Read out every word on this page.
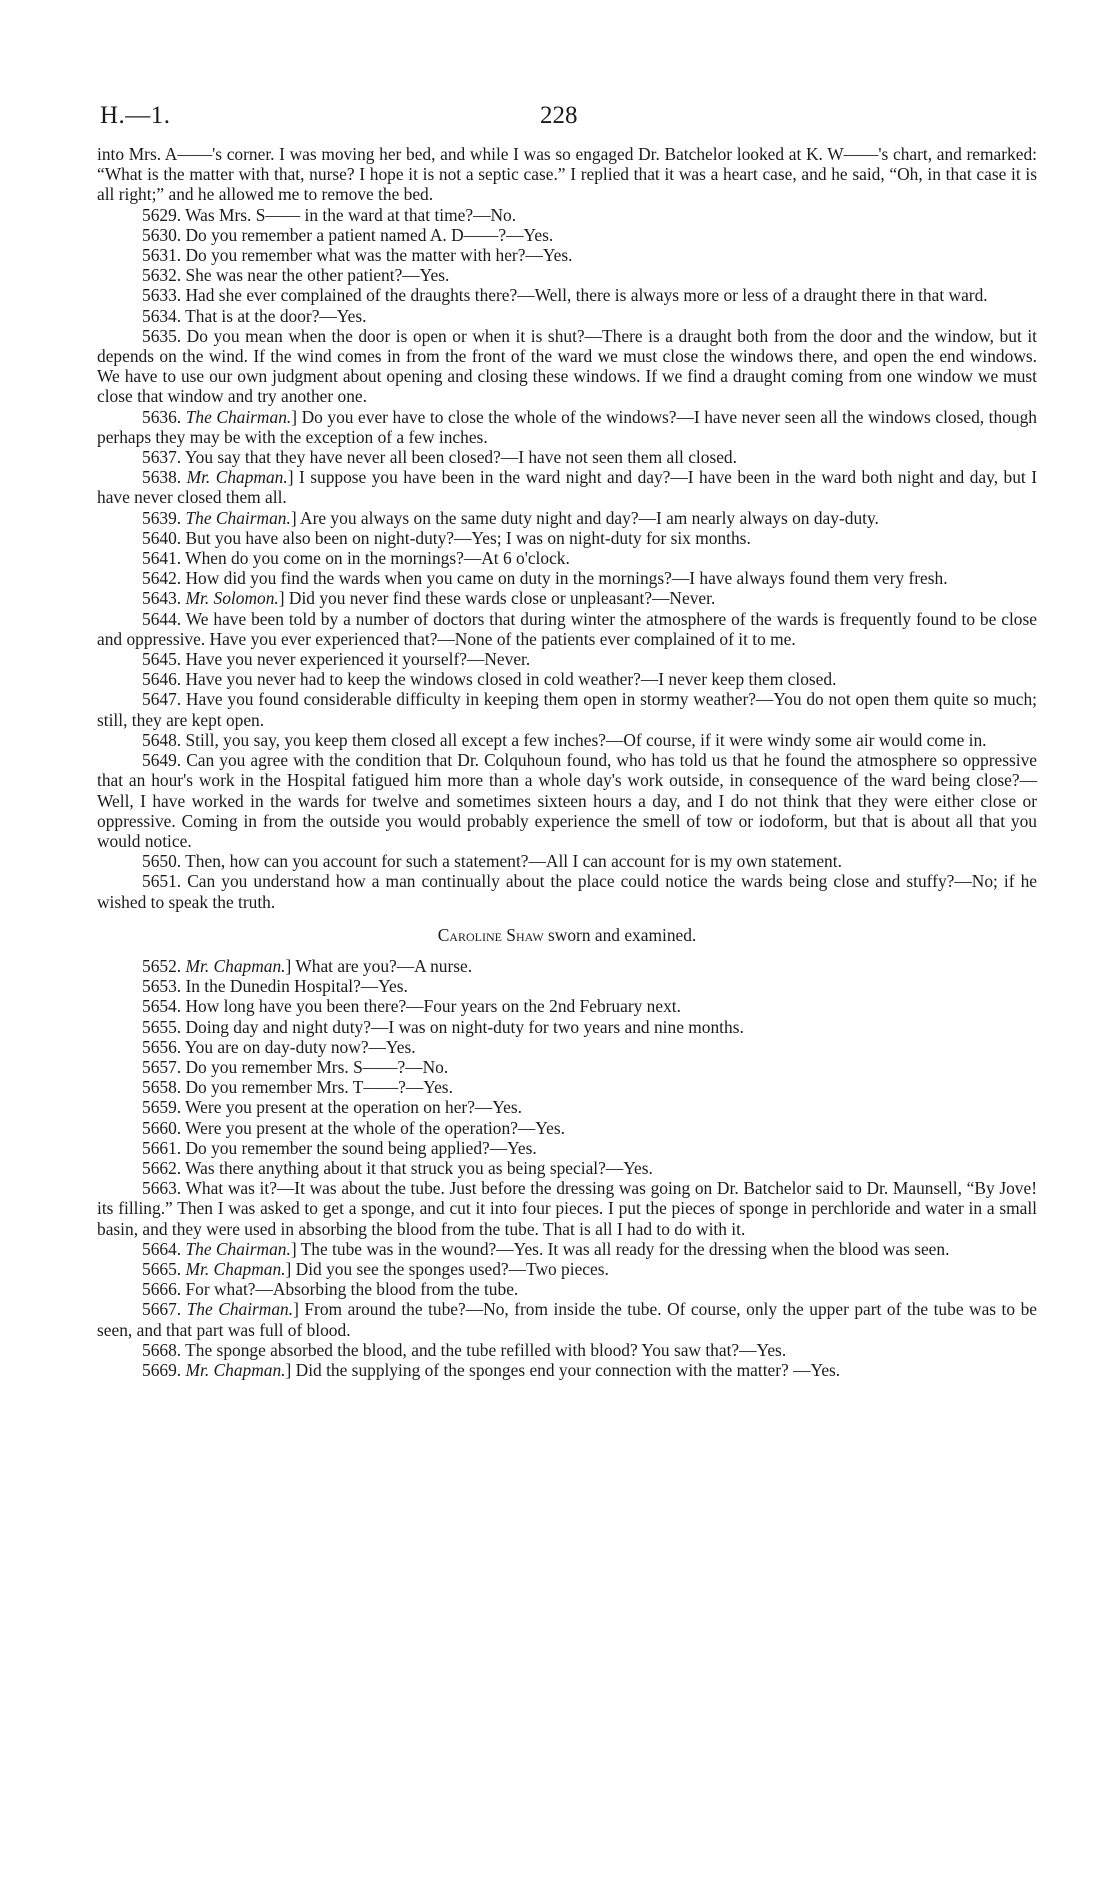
H.—1.	228

into Mrs. A——'s corner. I was moving her bed, and while I was so engaged Dr. Batchelor looked at K. W——'s chart, and remarked: “What is the matter with that, nurse? I hope it is not a septic case.” I replied that it was a heart case, and he said, “Oh, in that case it is all right;” and he allowed me to remove the bed.

5629. Was Mrs. S—— in the ward at that time?—No.

5630. Do you remember a patient named A. D——?—Yes.

5631. Do you remember what was the matter with her?—Yes.

5632. She was near the other patient?—Yes.

5633. Had she ever complained of the draughts there?—Well, there is always more or less of a draught there in that ward.

5634. That is at the door?—Yes.

5635. Do you mean when the door is open or when it is shut?—There is a draught both from the door and the window, but it depends on the wind. If the wind comes in from the front of the ward we must close the windows there, and open the end windows. We have to use our own judgment about opening and closing these windows. If we find a draught coming from one window we must close that window and try another one.

5636. The Chairman.] Do you ever have to close the whole of the windows?—I have never seen all the windows closed, though perhaps they may be with the exception of a few inches.

5637. You say that they have never all been closed?—I have not seen them all closed.

5638. Mr. Chapman.] I suppose you have been in the ward night and day?—I have been in the ward both night and day, but I have never closed them all.

5639. The Chairman.] Are you always on the same duty night and day?—I am nearly always on day-duty.

5640. But you have also been on night-duty?—Yes; I was on night-duty for six months.

5641. When do you come on in the mornings?—At 6 o'clock.

5642. How did you find the wards when you came on duty in the mornings?—I have always found them very fresh.

5643. Mr. Solomon.] Did you never find these wards close or unpleasant?—Never.

5644. We have been told by a number of doctors that during winter the atmosphere of the wards is frequently found to be close and oppressive. Have you ever experienced that?—None of the patients ever complained of it to me.

5645. Have you never experienced it yourself?—Never.

5646. Have you never had to keep the windows closed in cold weather?—I never keep them closed.

5647. Have you found considerable difficulty in keeping them open in stormy weather?—You do not open them quite so much; still, they are kept open.

5648. Still, you say, you keep them closed all except a few inches?—Of course, if it were windy some air would come in.

5649. Can you agree with the condition that Dr. Colquhoun found, who has told us that he found the atmosphere so oppressive that an hour's work in the Hospital fatigued him more than a whole day's work outside, in consequence of the ward being close?—Well, I have worked in the wards for twelve and sometimes sixteen hours a day, and I do not think that they were either close or oppressive. Coming in from the outside you would probably experience the smell of tow or iodoform, but that is about all that you would notice.

5650. Then, how can you account for such a statement?—All I can account for is my own statement.

5651. Can you understand how a man continually about the place could notice the wards being close and stuffy?—No; if he wished to speak the truth.

Caroline Shaw sworn and examined.

5652. Mr. Chapman.] What are you?—A nurse.

5653. In the Dunedin Hospital?—Yes.

5654. How long have you been there?—Four years on the 2nd February next.

5655. Doing day and night duty?—I was on night-duty for two years and nine months.

5656. You are on day-duty now?—Yes.

5657. Do you remember Mrs. S——?—No.

5658. Do you remember Mrs. T——?—Yes.

5659. Were you present at the operation on her?—Yes.

5660. Were you present at the whole of the operation?—Yes.

5661. Do you remember the sound being applied?—Yes.

5662. Was there anything about it that struck you as being special?—Yes.

5663. What was it?—It was about the tube. Just before the dressing was going on Dr. Batchelor said to Dr. Maunsell, “By Jove! its filling.” Then I was asked to get a sponge, and cut it into four pieces. I put the pieces of sponge in perchloride and water in a small basin, and they were used in absorbing the blood from the tube. That is all I had to do with it.

5664. The Chairman.] The tube was in the wound?—Yes. It was all ready for the dressing when the blood was seen.

5665. Mr. Chapman.] Did you see the sponges used?—Two pieces.

5666. For what?—Absorbing the blood from the tube.

5667. The Chairman.] From around the tube?—No, from inside the tube. Of course, only the upper part of the tube was to be seen, and that part was full of blood.

5668. The sponge absorbed the blood, and the tube refilled with blood? You saw that?—Yes.

5669. Mr. Chapman.] Did the supplying of the sponges end your connection with the matter? —Yes.
